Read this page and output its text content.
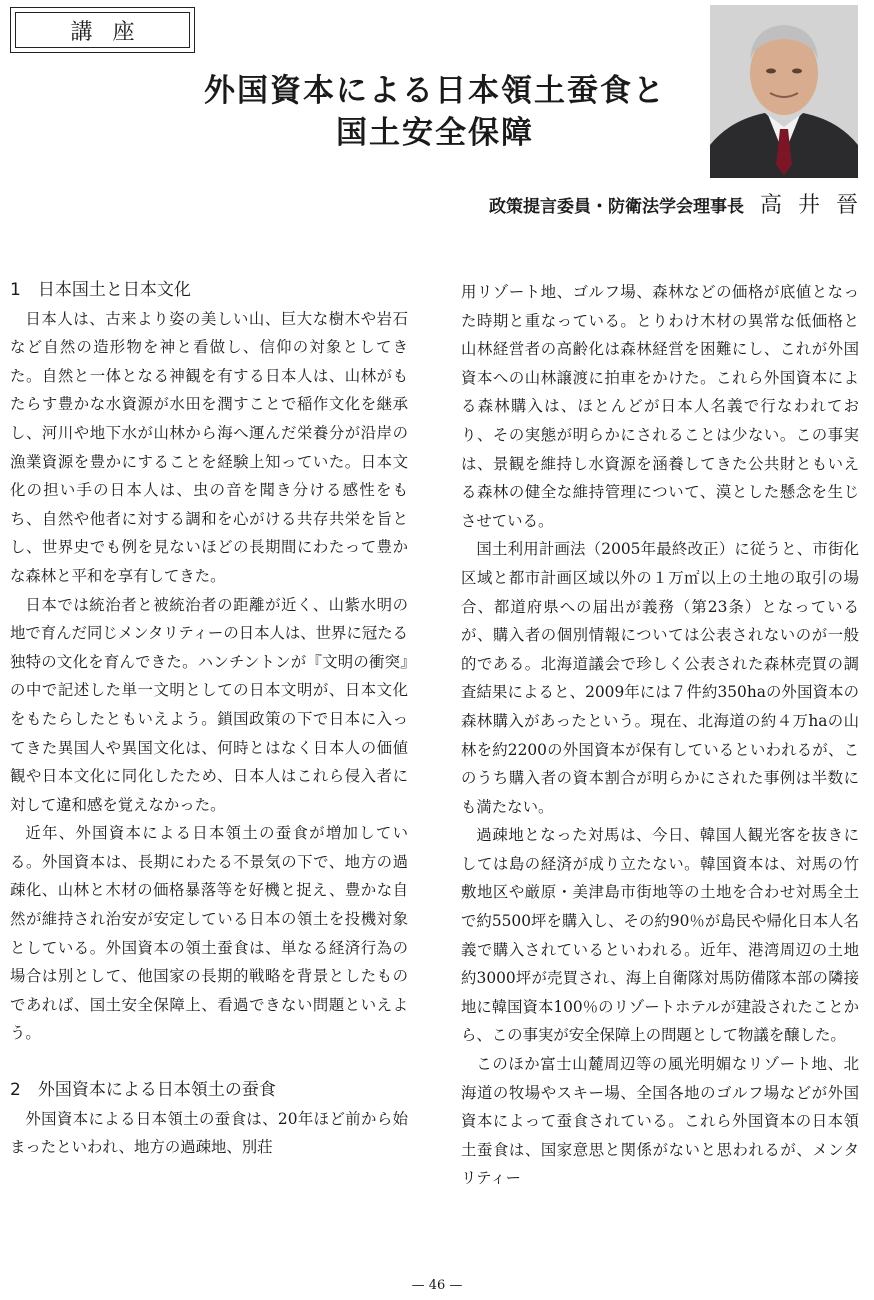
講座
外国資本による日本領土蚕食と
国土安全保障
政策提言委員・防衛法学会理事長 高井晉
1　日本国土と日本文化

日本人は、古来より姿の美しい山、巨大な樹木や岩石など自然の造形物を神と看做し、信仰の対象としてきた。自然と一体となる神観を有する日本人は、山林がもたらす豊かな水資源が水田を潤すことで稲作文化を継承し、河川や地下水が山林から海へ運んだ栄養分が沿岸の漁業資源を豊かにすることを経験上知っていた。日本文化の担い手の日本人は、虫の音を聞き分ける感性をもち、自然や他者に対する調和を心がける共存共栄を旨とし、世界史でも例を見ないほどの長期間にわたって豊かな森林と平和を享有してきた。

日本では統治者と被統治者の距離が近く、山紫水明の地で育んだ同じメンタリティーの日本人は、世界に冠たる独特の文化を育んできた。ハンチントンが『文明の衝突』の中で記述した単一文明としての日本文明が、日本文化をもたらしたともいえよう。鎖国政策の下で日本に入ってきた異国人や異国文化は、何時とはなく日本人の価値観や日本文化に同化したため、日本人はこれら侵入者に対して違和感を覚えなかった。

近年、外国資本による日本領土の蚕食が増加している。外国資本は、長期にわたる不景気の下で、地方の過疎化、山林と木材の価格暴落等を好機と捉え、豊かな自然が維持され治安が安定している日本の領土を投機対象としている。外国資本の領土蚕食は、単なる経済行為の場合は別として、他国家の長期的戦略を背景としたものであれば、国土安全保障上、看過できない問題といえよう。

2　外国資本による日本領土の蚕食

外国資本による日本領土の蚕食は、20年ほど前から始まったといわれ、地方の過疎地、別荘

用リゾート地、ゴルフ場、森林などの価格が底値となった時期と重なっている。とりわけ木材の異常な低価格と山林経営者の高齢化は森林経営を困難にし、これが外国資本への山林譲渡に拍車をかけた。これら外国資本による森林購入は、ほとんどが日本人名義で行なわれており、その実態が明らかにされることは少ない。この事実は、景観を維持し水資源を涵養してきた公共財ともいえる森林の健全な維持管理について、漠とした懸念を生じさせている。

国土利用計画法（2005年最終改正）に従うと、市街化区域と都市計画区域以外の１万㎡以上の土地の取引の場合、都道府県への届出が義務（第23条）となっているが、購入者の個別情報については公表されないのが一般的である。北海道議会で珍しく公表された森林売買の調査結果によると、2009年には７件約350haの外国資本の森林購入があったという。現在、北海道の約４万haの山林を約2200の外国資本が保有しているといわれるが、このうち購入者の資本割合が明らかにされた事例は半数にも満たない。

過疎地となった対馬は、今日、韓国人観光客を抜きにしては島の経済が成り立たない。韓国資本は、対馬の竹敷地区や厳原・美津島市街地等の土地を合わせ対馬全土で約5500坪を購入し、その約90％が島民や帰化日本人名義で購入されているといわれる。近年、港湾周辺の土地約3000坪が売買され、海上自衛隊対馬防備隊本部の隣接地に韓国資本100％のリゾートホテルが建設されたことから、この事実が安全保障上の問題として物議を醸した。

このほか富士山麓周辺等の風光明媚なリゾート地、北海道の牧場やスキー場、全国各地のゴルフ場などが外国資本によって蚕食されている。これら外国資本の日本領土蚕食は、国家意思と関係がないと思われるが、メンタリティー

— 46 —
